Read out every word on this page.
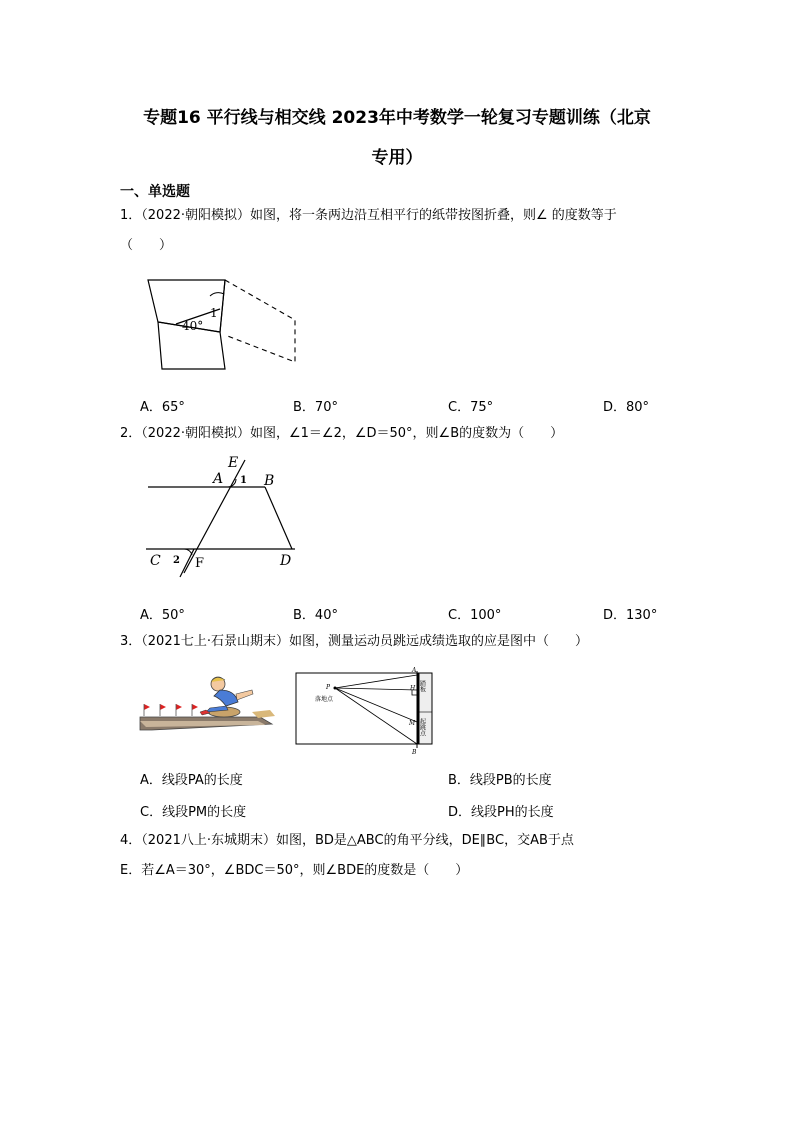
专题16 平行线与相交线 2023年中考数学一轮复习专题训练（北京
专用）
一、单选题
1．（2022·朝阳模拟）如图，将一条两边沿互相平行的纸带按图折叠，则∠ 的度数等于
（　　）
40°
1
A．65°	B．70°	C．75°	D．80°
2．（2022·朝阳模拟）如图，∠1＝∠2，∠D＝50°，则∠B的度数为（　　）
E
A 1 B
C 2 F	D
A．50°	B．40°	C．100°	D．130°
3．（2021七上·石景山期末）如图，测量运动员跳远成绩选取的应是图中（　　）
A
H
P
落地点
M
B
踏板
起跳点
A．线段PA的长度	B．线段PB的长度
C．线段PM的长度	D．线段PH的长度
4．（2021八上·东城期末）如图，BD是△ABC的角平分线，DE∥BC，交AB于点
E．若∠A＝30°，∠BDC＝50°，则∠BDE的度数是（　　）
